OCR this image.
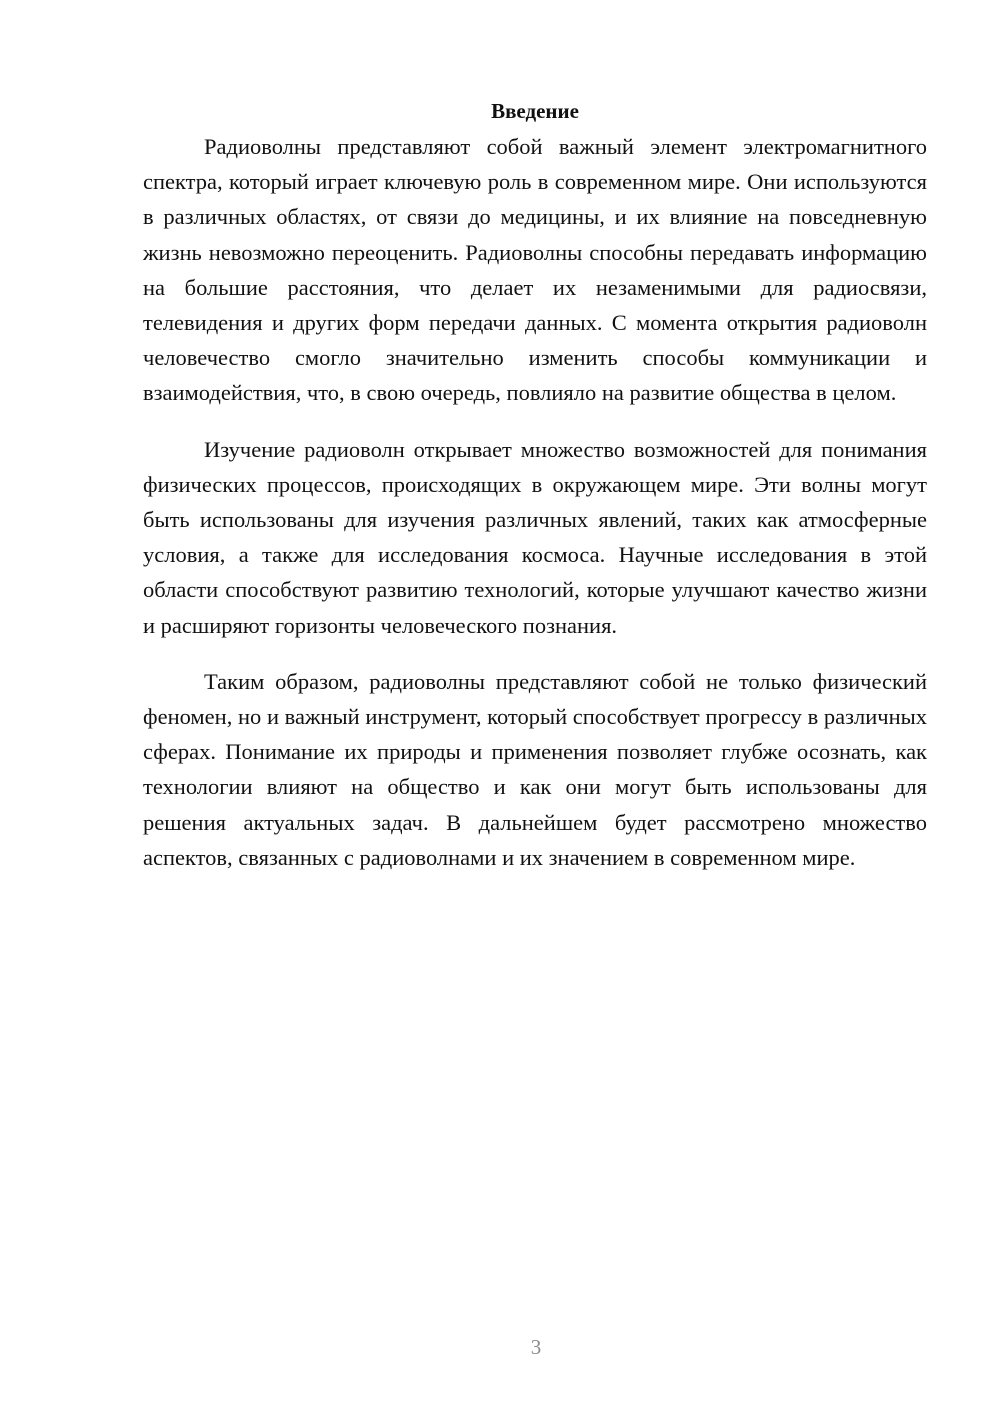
Введение

Радиоволны представляют собой важный элемент электромагнитного спектра, который играет ключевую роль в современном мире. Они используются в различных областях, от связи до медицины, и их влияние на повседневную жизнь невозможно переоценить. Радиоволны способны передавать информацию на большие расстояния, что делает их незаменимыми для радиосвязи, телевидения и других форм передачи данных. С момента открытия радиоволн человечество смогло значительно изменить способы коммуникации и взаимодействия, что, в свою очередь, повлияло на развитие общества в целом.

Изучение радиоволн открывает множество возможностей для понимания физических процессов, происходящих в окружающем мире. Эти волны могут быть использованы для изучения различных явлений, таких как атмосферные условия, а также для исследования космоса. Научные исследования в этой области способствуют развитию технологий, которые улучшают качество жизни и расширяют горизонты человеческого познания.

Таким образом, радиоволны представляют собой не только физический феномен, но и важный инструмент, который способствует прогрессу в различных сферах. Понимание их природы и применения позволяет глубже осознать, как технологии влияют на общество и как они могут быть использованы для решения актуальных задач. В дальнейшем будет рассмотрено множество аспектов, связанных с радиоволнами и их значением в современном мире.

3
